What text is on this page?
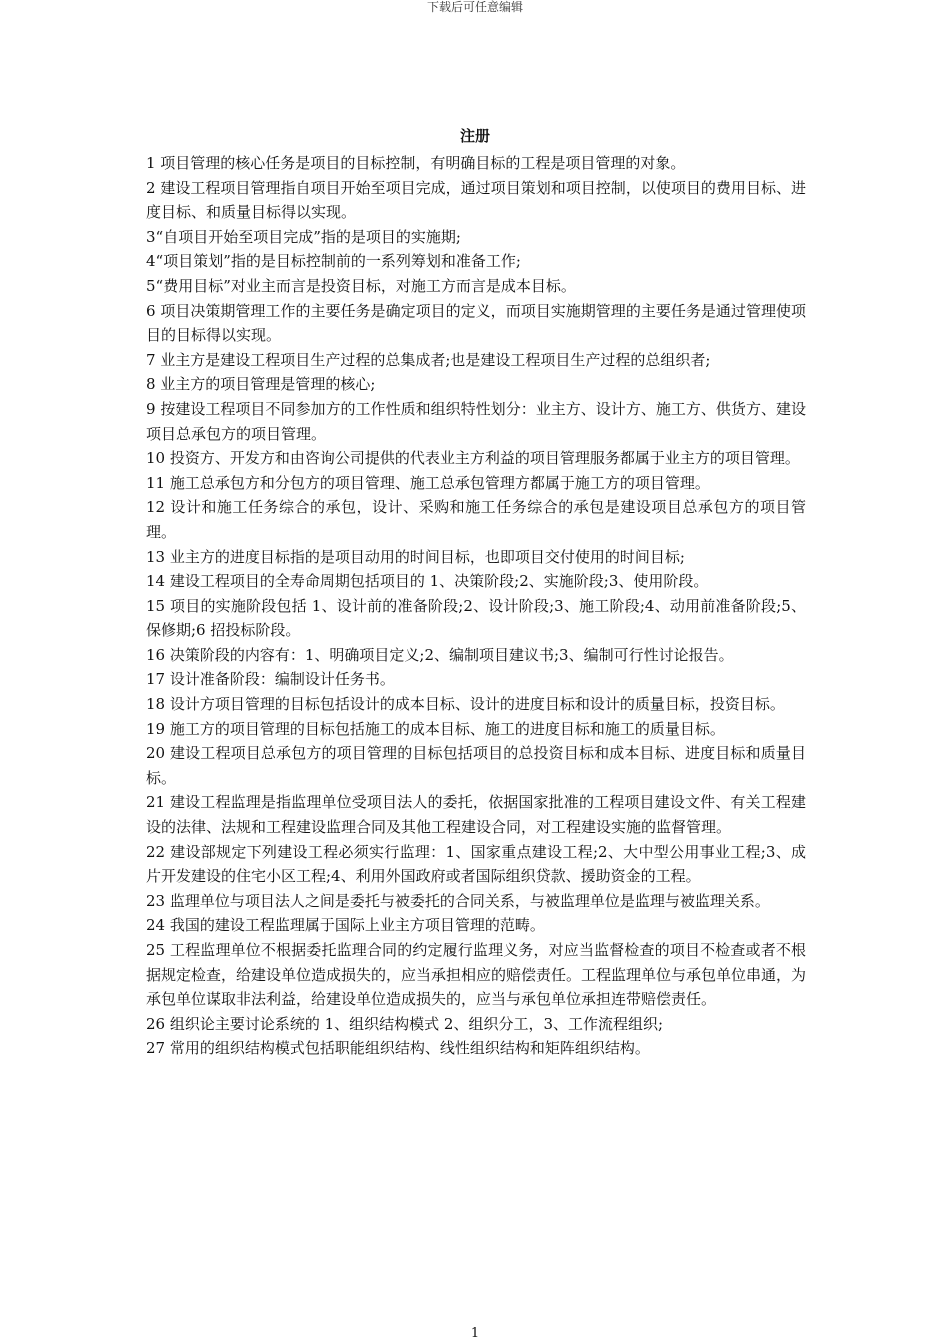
下载后可任意编辑
注册

1 项目管理的核心任务是项目的目标控制，有明确目标的工程是项目管理的对象。

2 建设工程项目管理指自项目开始至项目完成，通过项目策划和项目控制，以使项目的费用目标、进度目标、和质量目标得以实现。

3“自项目开始至项目完成”指的是项目的实施期;

4“项目策划”指的是目标控制前的一系列筹划和准备工作;

5“费用目标”对业主而言是投资目标，对施工方而言是成本目标。

6 项目决策期管理工作的主要任务是确定项目的定义，而项目实施期管理的主要任务是通过管理使项目的目标得以实现。

7 业主方是建设工程项目生产过程的总集成者;也是建设工程项目生产过程的总组织者;

8 业主方的项目管理是管理的核心;

9 按建设工程项目不同参加方的工作性质和组织特性划分：业主方、设计方、施工方、供货方、建设项目总承包方的项目管理。

10 投资方、开发方和由咨询公司提供的代表业主方利益的项目管理服务都属于业主方的项目管理。

11 施工总承包方和分包方的项目管理、施工总承包管理方都属于施工方的项目管理。

12 设计和施工任务综合的承包，设计、采购和施工任务综合的承包是建设项目总承包方的项目管理。

13 业主方的进度目标指的是项目动用的时间目标，也即项目交付使用的时间目标;

14 建设工程项目的全寿命周期包括项目的 1、决策阶段;2、实施阶段;3、使用阶段。

15 项目的实施阶段包括 1、设计前的准备阶段;2、设计阶段;3、施工阶段;4、动用前准备阶段;5、保修期;6 招投标阶段。

16 决策阶段的内容有：1、明确项目定义;2、编制项目建议书;3、编制可行性讨论报告。

17 设计准备阶段：编制设计任务书。

18 设计方项目管理的目标包括设计的成本目标、设计的进度目标和设计的质量目标，投资目标。

19 施工方的项目管理的目标包括施工的成本目标、施工的进度目标和施工的质量目标。

20 建设工程项目总承包方的项目管理的目标包括项目的总投资目标和成本目标、进度目标和质量目标。

21 建设工程监理是指监理单位受项目法人的委托，依据国家批准的工程项目建设文件、有关工程建设的法律、法规和工程建设监理合同及其他工程建设合同，对工程建设实施的监督管理。

22 建设部规定下列建设工程必须实行监理：1、国家重点建设工程;2、大中型公用事业工程;3、成片开发建设的住宅小区工程;4、利用外国政府或者国际组织贷款、援助资金的工程。

23 监理单位与项目法人之间是委托与被委托的合同关系，与被监理单位是监理与被监理关系。

24 我国的建设工程监理属于国际上业主方项目管理的范畴。

25 工程监理单位不根据委托监理合同的约定履行监理义务，对应当监督检查的项目不检查或者不根据规定检查，给建设单位造成损失的，应当承担相应的赔偿责任。工程监理单位与承包单位串通，为承包单位谋取非法利益，给建设单位造成损失的，应当与承包单位承担连带赔偿责任。

26 组织论主要讨论系统的 1、组织结构模式 2、组织分工，3、工作流程组织;

27 常用的组织结构模式包括职能组织结构、线性组织结构和矩阵组织结构。

1
